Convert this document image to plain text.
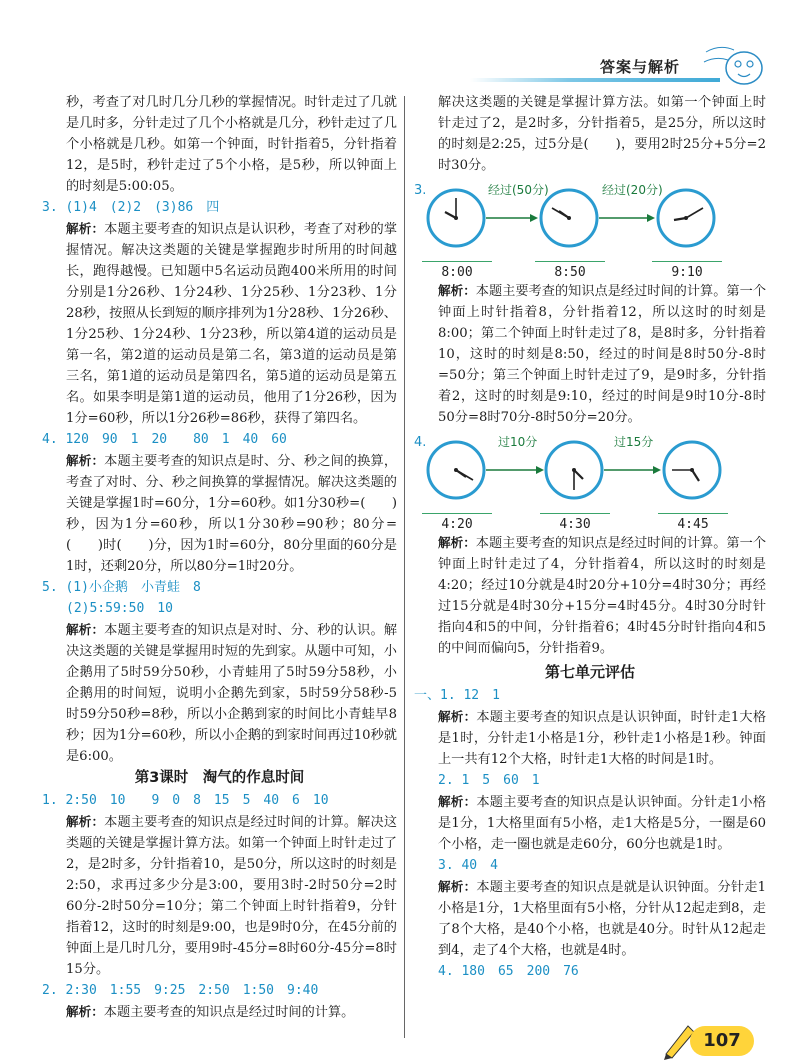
答案与解析

秒，考查了对几时几分几秒的掌握情况。时针走过了几就是几时多，分针走过了几个小格就是几分，秒针走过了几个小格就是几秒。如第一个钟面，时针指着5，分针指着12，是5时，秒针走过了5个小格，是5秒，所以钟面上的时刻是5:00:05。

3. (1)4　(2)2　(3)86　四

解析：本题主要考查的知识点是认识秒，考查了对秒的掌握情况。解决这类题的关键是掌握跑步时所用的时间越长，跑得越慢。已知题中5名运动员跑400米所用的时间分别是1分26秒、1分24秒、1分25秒、1分23秒、1分28秒，按照从长到短的顺序排列为1分28秒、1分26秒、1分25秒、1分24秒、1分23秒，所以第4道的运动员是第一名，第2道的运动员是第二名，第3道的运动员是第三名，第1道的运动员是第四名，第5道的运动员是第五名。如果李明是第1道的运动员，他用了1分26秒，因为1分=60秒，所以1分26秒=86秒，获得了第四名。

4. 120　90　1　20　　80　1　40　60

解析：本题主要考查的知识点是时、分、秒之间的换算，考查了对时、分、秒之间换算的掌握情况。解决这类题的关键是掌握1时=60分，1分=60秒。如1分30秒=(　　)秒，因为1分=60秒，所以1分30秒=90秒；80分=(　　)时(　　)分，因为1时=60分，80分里面的60分是1时，还剩20分，所以80分=1时20分。

5. (1)小企鹅　小青蛙　8

(2)5:59:50　10

解析：本题主要考查的知识点是对时、分、秒的认识。解决这类题的关键是掌握用时短的先到家。从题中可知，小企鹅用了5时59分50秒，小青蛙用了5时59分58秒，小企鹅用的时间短，说明小企鹅先到家，5时59分58秒-5时59分50秒=8秒，所以小企鹅到家的时间比小青蛙早8秒；因为1分=60秒，所以小企鹅的到家时间再过10秒就是6:00。

第3课时　淘气的作息时间

1. 2:50　10　　9　0　8　15　5　40　6　10

解析：本题主要考查的知识点是经过时间的计算。解决这类题的关键是掌握计算方法。如第一个钟面上时针走过了2，是2时多，分针指着10，是50分，所以这时的时刻是2:50，求再过多少分是3:00，要用3时-2时50分=2时60分-2时50分=10分；第二个钟面上时针指着9，分针指着12，这时的时刻是9:00，也是9时0分，在45分前的钟面上是几时几分，要用9时-45分=8时60分-45分=8时15分。

2. 2:30　1:55　9:25　2:50　1:50　9:40

解析：本题主要考查的知识点是经过时间的计算。

解决这类题的关键是掌握计算方法。如第一个钟面上时针走过了2，是2时多，分针指着5，是25分，所以这时的时刻是2:25，过5分是(　　)，要用2时25分+5分=2时30分。

3.	经过(50分)	经过(20分)
8:00	8:50	9:10

解析：本题主要考查的知识点是经过时间的计算。第一个钟面上时针指着8，分针指着12，所以这时的时刻是8:00；第二个钟面上时针走过了8，是8时多，分针指着10，这时的时刻是8:50，经过的时间是8时50分-8时=50分；第三个钟面上时针走过了9，是9时多，分针指着2，这时的时刻是9:10，经过的时间是9时10分-8时50分=8时70分-8时50分=20分。

4.	过10分	过15分
4:20	4:30	4:45

解析：本题主要考查的知识点是经过时间的计算。第一个钟面上时针走过了4，分针指着4，所以这时的时刻是4:20；经过10分就是4时20分+10分=4时30分；再经过15分就是4时30分+15分=4时45分。4时30分时针指向4和5的中间，分针指着6；4时45分时针指向4和5的中间而偏向5，分针指着9。

第七单元评估

一、1. 12　1

解析：本题主要考查的知识点是认识钟面，时针走1大格是1时，分针走1小格是1分，秒针走1小格是1秒。钟面上一共有12个大格，时针走1大格的时间是1时。

2. 1　5　60　1

解析：本题主要考查的知识点是认识钟面。分针走1小格是1分，1大格里面有5小格，走1大格是5分，一圈是60个小格，走一圈也就是走60分，60分也就是1时。

3. 40　4

解析：本题主要考查的知识点是就是认识钟面。分针走1小格是1分，1大格里面有5小格，分针从12起走到8，走了8个大格，是40个小格，也就是40分。时针从12起走到4，走了4个大格，也就是4时。

4. 180　65　200　76

107
